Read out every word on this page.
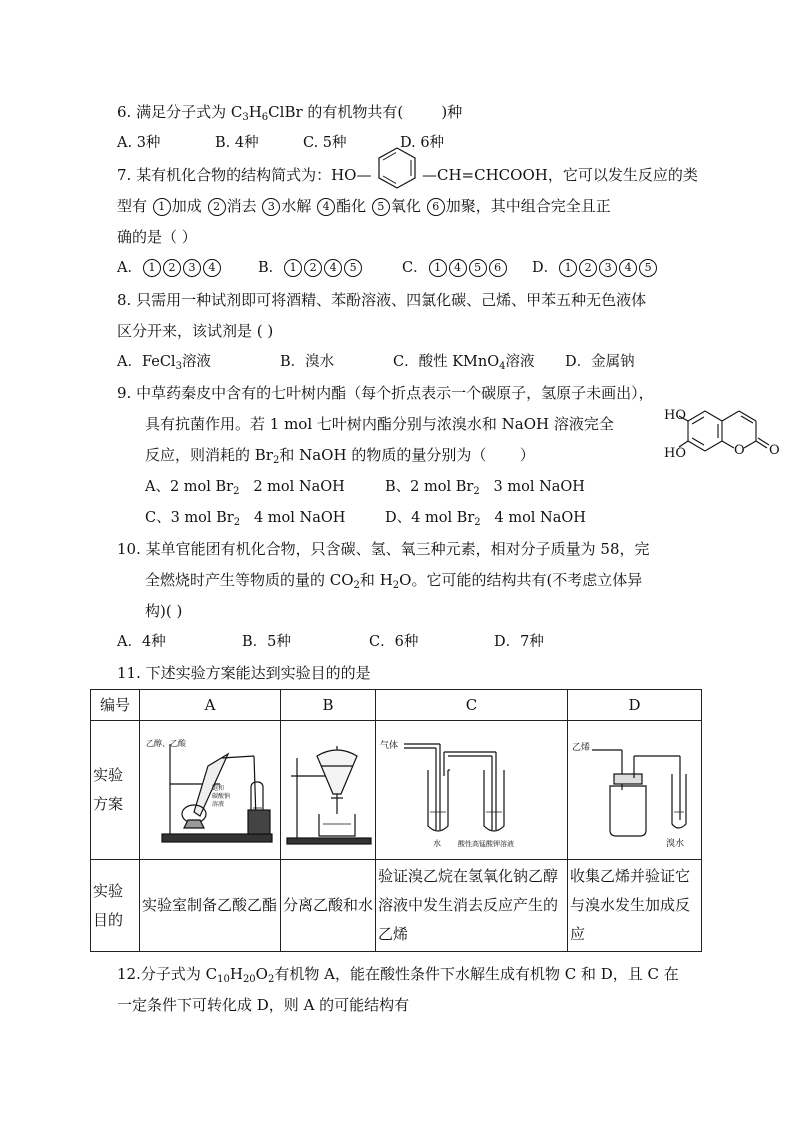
6. 满足分子式为 $C_3H_6ClBr$ 的有机物共有(        )种
A. 3种	B. 4种	C. 5种	D. 6种
7. 某有机化合物的结构简式为：HO—	—CH=CHCOOH，它可以发生反应的类
型有 1 加成 2 消去 3 水解 4 酯化 5 氧化 6 加聚，其中组合完全且正
确的是（ ）
A． 1 2 3 4	B． 1 2 4 5	C． 1 4 5 6	D． 1 2 3 4 5
8. 只需用一种试剂即可将酒精、苯酚溶液、四氯化碳、己烯、甲苯五种无色液体
区分开来，该试剂是 ( )
A．FeCl$_3$溶液	B．溴水	C．酸性 KMnO$_4$溶液 D．金属钠
9. 中草药秦皮中含有的七叶树内酯（每个折点表示一个碳原子，氢原子未画出），
具有抗菌作用。若 1 mol 七叶树内酯分别与浓溴水和 NaOH 溶液完全
反应，则消耗的 $Br_2$和 NaOH 的物质的量分别为（       ）
A、2 mol $Br_2$   2 mol NaOH	B、2 mol $Br_2$   3 mol NaOH
C、3 mol $Br_2$   4 mol NaOH	D、4 mol $Br_2$   4 mol NaOH
HO
HO	O O
10. 某单官能团有机化合物，只含碳、氢、氧三种元素，相对分子质量为 58，完
全燃烧时产生等物质的量的 $CO_2$和 $H_2O$。它可能的结构共有(不考虑立体异
构)( )
A．4种	B．5种	C．6种	D．7种
11. 下述实验方案能达到实验目的的是
编号	A	B	C	D

实验方案	乙醇、乙酸
饱和
碳酸钠
溶液		气体
水 酸性高锰酸钾溶液	乙烯
溴水

实验目的	实验室制备乙酸乙酯	分离乙酸和水	验证溴乙烷在氢氧化钠乙醇溶液中发生消去反应产生的乙烯	收集乙烯并验证它与溴水发生加成反应
12.分子式为 $C_{10}H_{20}O_2$有机物 A，能在酸性条件下水解生成有机物 C 和 D，且 C 在
一定条件下可转化成 D，则 A 的可能结构有
